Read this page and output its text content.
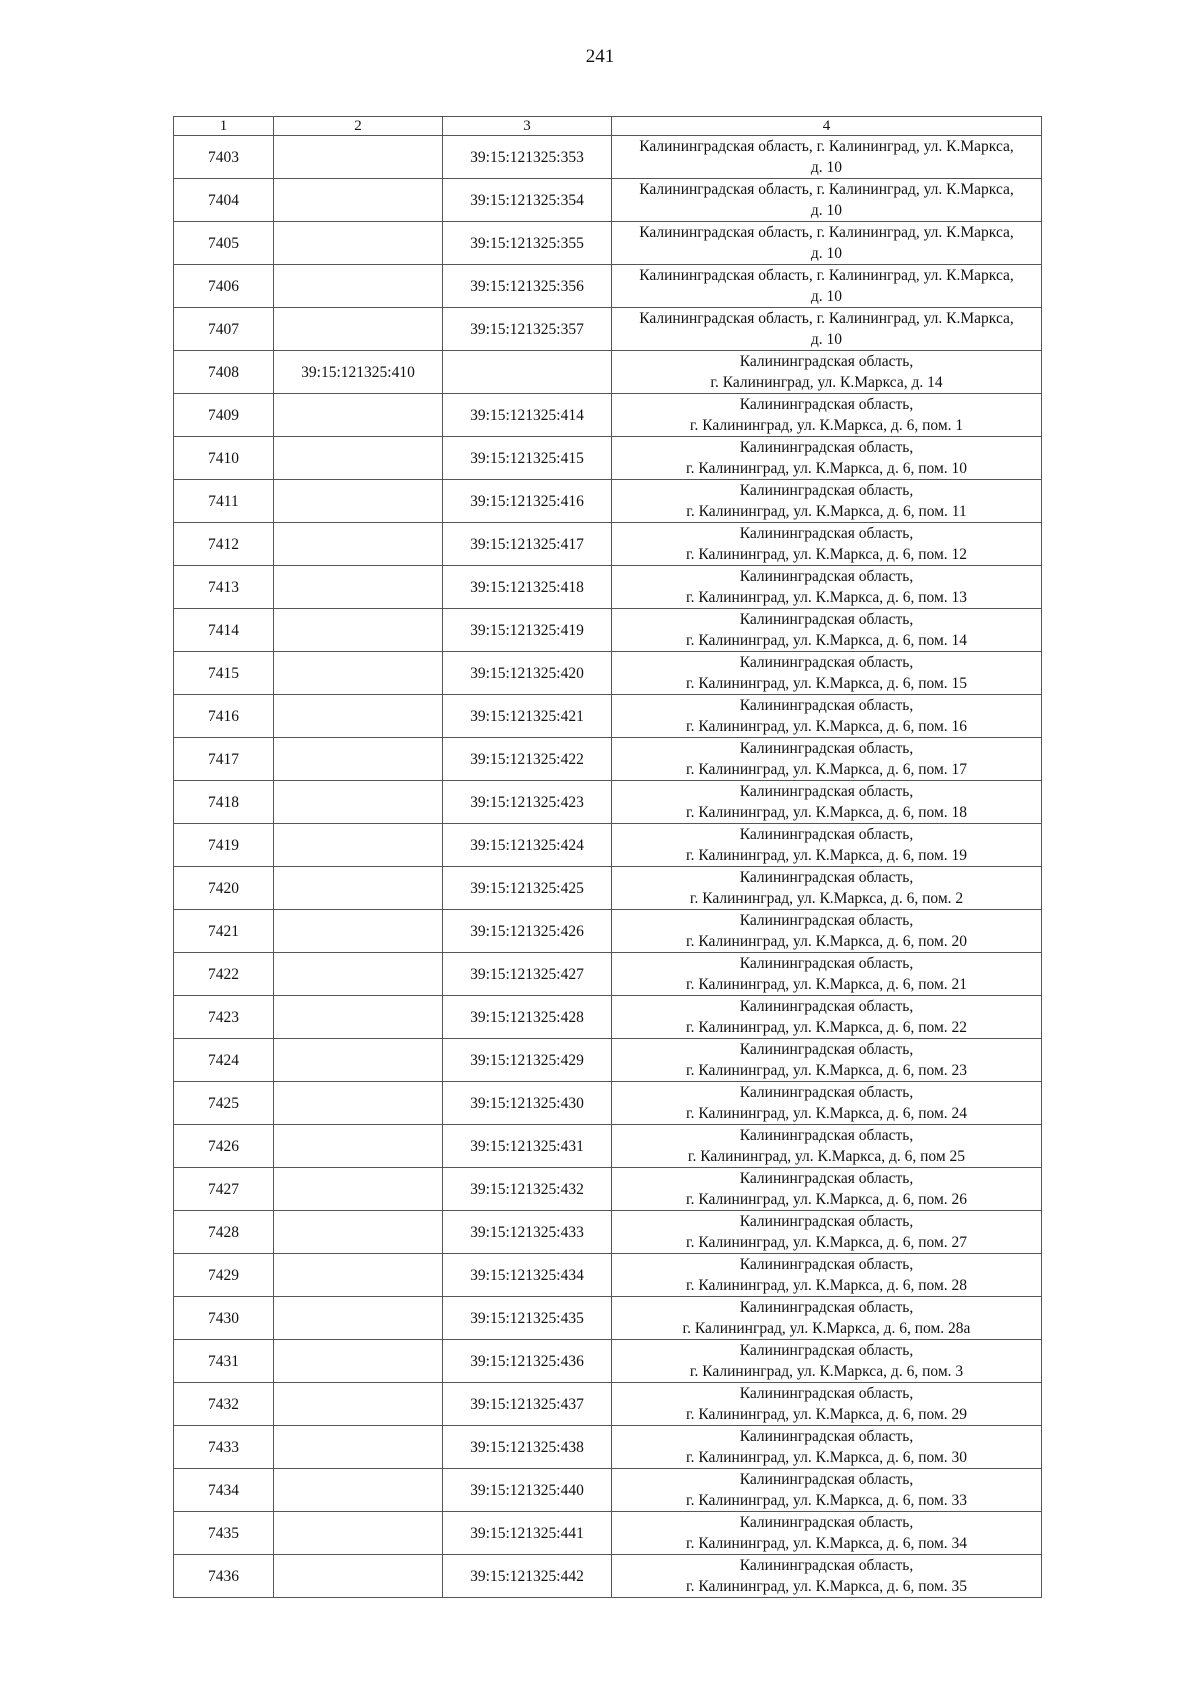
241
1	2	3	4
7403		39:15:121325:353	Калининградская область, г. Калининград, ул. К.Маркса,
д. 10

7404		39:15:121325:354	Калининградская область, г. Калининград, ул. К.Маркса,
д. 10

7405		39:15:121325:355	Калининградская область, г. Калининград, ул. К.Маркса,
д. 10

7406		39:15:121325:356	Калининградская область, г. Калининград, ул. К.Маркса,
д. 10

7407		39:15:121325:357	Калининградская область, г. Калининград, ул. К.Маркса,
д. 10

7408	39:15:121325:410		Калининградская область,
г. Калининград, ул. К.Маркса, д. 14

7409		39:15:121325:414	Калининградская область,
г. Калининград, ул. К.Маркса, д. 6, пом. 1

7410		39:15:121325:415	Калининградская область,
г. Калининград, ул. К.Маркса, д. 6, пом. 10

7411		39:15:121325:416	Калининградская область,
г. Калининград, ул. К.Маркса, д. 6, пом. 11

7412		39:15:121325:417	Калининградская область,
г. Калининград, ул. К.Маркса, д. 6, пом. 12

7413		39:15:121325:418	Калининградская область,
г. Калининград, ул. К.Маркса, д. 6, пом. 13

7414		39:15:121325:419	Калининградская область,
г. Калининград, ул. К.Маркса, д. 6, пом. 14

7415		39:15:121325:420	Калининградская область,
г. Калининград, ул. К.Маркса, д. 6, пом. 15

7416		39:15:121325:421	Калининградская область,
г. Калининград, ул. К.Маркса, д. 6, пом. 16

7417		39:15:121325:422	Калининградская область,
г. Калининград, ул. К.Маркса, д. 6, пом. 17

7418		39:15:121325:423	Калининградская область,
г. Калининград, ул. К.Маркса, д. 6, пом. 18

7419		39:15:121325:424	Калининградская область,
г. Калининград, ул. К.Маркса, д. 6, пом. 19

7420		39:15:121325:425	Калининградская область,
г. Калининград, ул. К.Маркса, д. 6, пом. 2

7421		39:15:121325:426	Калининградская область,
г. Калининград, ул. К.Маркса, д. 6, пом. 20

7422		39:15:121325:427	Калининградская область,
г. Калининград, ул. К.Маркса, д. 6, пом. 21

7423		39:15:121325:428	Калининградская область,
г. Калининград, ул. К.Маркса, д. 6, пом. 22

7424		39:15:121325:429	Калининградская область,
г. Калининград, ул. К.Маркса, д. 6, пом. 23

7425		39:15:121325:430	Калининградская область,
г. Калининград, ул. К.Маркса, д. 6, пом. 24

7426		39:15:121325:431	Калининградская область,
г. Калининград, ул. К.Маркса, д. 6, пом 25

7427		39:15:121325:432	Калининградская область,
г. Калининград, ул. К.Маркса, д. 6, пом. 26

7428		39:15:121325:433	Калининградская область,
г. Калининград, ул. К.Маркса, д. 6, пом. 27

7429		39:15:121325:434	Калининградская область,
г. Калининград, ул. К.Маркса, д. 6, пом. 28

7430		39:15:121325:435	Калининградская область,
г. Калининград, ул. К.Маркса, д. 6, пом. 28а

7431		39:15:121325:436	Калининградская область,
г. Калининград, ул. К.Маркса, д. 6, пом. 3

7432		39:15:121325:437	Калининградская область,
г. Калининград, ул. К.Маркса, д. 6, пом. 29

7433		39:15:121325:438	Калининградская область,
г. Калининград, ул. К.Маркса, д. 6, пом. 30

7434		39:15:121325:440	Калининградская область,
г. Калининград, ул. К.Маркса, д. 6, пом. 33

7435		39:15:121325:441	Калининградская область,
г. Калининград, ул. К.Маркса, д. 6, пом. 34

7436		39:15:121325:442	Калининградская область,
г. Калининград, ул. К.Маркса, д. 6, пом. 35
